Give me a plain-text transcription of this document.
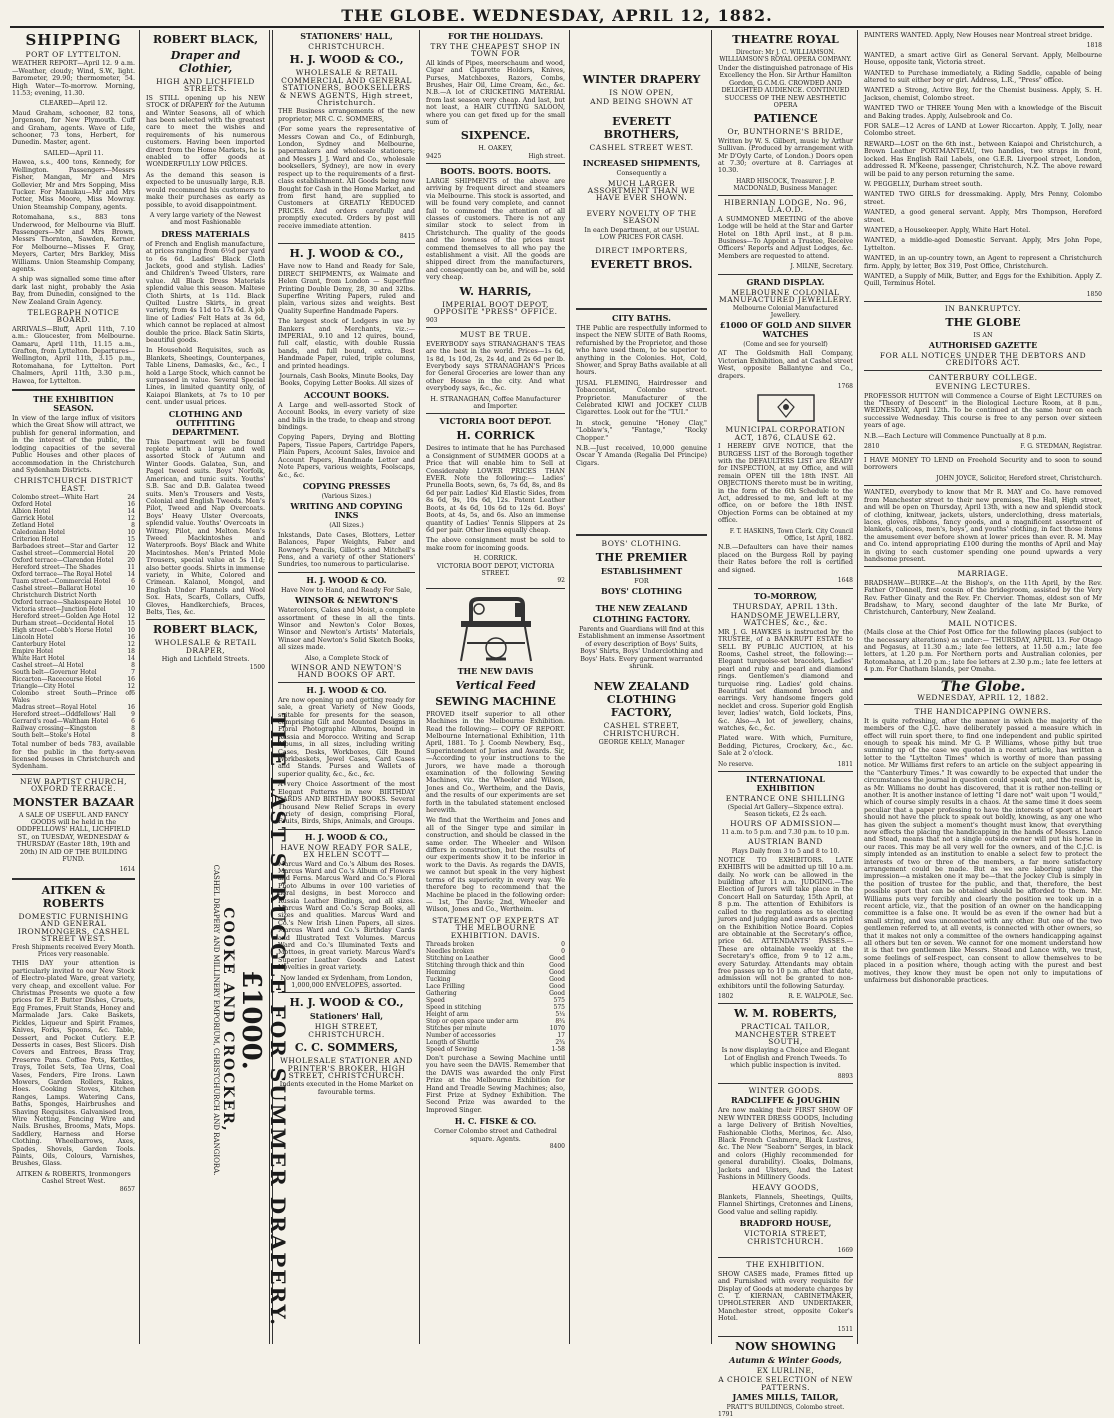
THE GLOBE. WEDNESDAY, APRIL 12, 1882.
SHIPPING
PORT OF LYTTELTON.
WEATHER REPORT—April 12. 9 a.m.—Weather, cloudy; Wind, S.W., light. Barometer, 29.90; thermometer, 54. High Water—To-morrow. Morning, 11.53; evening, 11.30.
CLEARED—April 12.
Maud Graham, schooner, 82 tons, Jorgenson, for New Plymouth. Cuff and Graham, agents. Wave of Life, schooner, 73 tons, Herbert, for Dunedin. Master, agent.
SAILED—April 11.
Hawea, s.s., 400 tons, Kennedy, for Wellington. Passengers—Messrs Fisher, Mangan, Mr and Mrs Gollevier, Mr and Mrs Sopping, Miss Tucker. For Manukau—Mr and Mrs Potter, Miss Moore, Miss Mowray. Union Steamship Company, agents.
Rotomahana, s.s., 883 tons Underwood, for Melbourne via Bluff. Passengers—Mr and Mrs Brown, Messrs Thornton, Sawden, Kerner. For Melbourne—Misses F. Gray, Meyers, Carter, Mrs Barkley, Miss Williams. Union Steamship Company, agents.
A ship was signalled some time after dark last night, probably the Asia Bay, from Dunedin, consigned to the New Zealand Grain Agency.
TELEGRAPH NOTICE BOARD.
ARRIVALS—Bluff, April 11th, 7.10 a.m.: Gloucester, from Melbourne. Oamaru, April 11th, 11.15 a.m., Grafton, from Lyttelton. Departures—Wellington, April 11th, 3.15 p.m., Rotomahana, for Lyttelton. Port Chalmers, April 11th, 3.30 p.m., Hawea, for Lyttelton.
THE EXHIBITION SEASON.
In view of the large influx of visitors which the Great Show will attract, we publish for general information, and in the interest of the public, the lodging capacities of the several Public Houses and other places of accommodation in the Christchurch and Sydenham Districts.
CHRISTCHURCH DISTRICT EAST.
Colombo street—White Hart	24
Oxford Hotel	16
Albion Hotel	14
Garrick Hotel	12
Zetland Hotel	8
Caledonian Hotel	10
Criterion Hotel	15
Barbadoes street—Star and Garter 12
Cashel street—Commercial Hotel 20
Oxford terrace—Clarendon Hotel 20
Hereford street—The Shades	11
Oxford terrace—The Royal Hotel	14
Tuam street—Commercial Hotel	6
Cashel street—Ballarat Hotel	10
Christchurch District North
Oxford terrace—Shakespeare Hotel 10
Victoria street—Junction Hotel	10
Hereford street—Golden Age Hotel 12
Durham street—Occidental Hotel 15
High street—Cobb's Horse Hotel	10
Lincoln Hotel	16
Canterbury Hotel	12
Empire Hotel	18
White Hart Hotel	14
Cashel street—Al Hotel	8
South belt—Governor Hotel	7
Riccarton—Racecourse Hotel	16
Triangle—City Hotel	12
Colombo street South—Prince of Wales
6
Madras street—Royal Hotel	16
Hereford street—Oddfellows' Hall	9
Gerrard's road—Waltham Hotel	6
Railway crossing—Kingston	8
South belt—Stoke's Hotel	8
Total number of beds 783, available for the public in the forty-seven licensed houses in Christchurch and Sydenham.
NEW BAPTIST CHURCH, OXFORD TERRACE.
MONSTER BAZAAR
A SALE OF USEFUL AND FANCY GOODS will be held in the ODDFELLOWS' HALL, LICHFIELD ST., on TUESDAY, WEDNESDAY & THURSDAY (Easter 18th, 19th and 20th) IN AID OF THE BUILDING FUND.
1614
AITKEN & ROBERTS
DOMESTIC FURNISHING AND GENERAL IRONMONGERS, CASHEL STREET WEST.
Fresh Shipments received Every Month. Prices very reasonable.
THIS DAY your attention is particularly invited to our New Stock of Electro-plated Ware, great variety, very cheap, and excellent value. For Christmas Presents we quote a few prices for E.P. Butter Dishes, Cruets, Egg Frames, Fruit Stands, Honey and Marmalade Jars. Cake Baskets, Pickles, Liqueur and Spirit Frames, Knives, Forks, Spoons, &c. Table, Dessert, and Pocket Cutlery. E.P. Desserts in cases, Best Slicers. Dish Covers and Entrees, Brass Tray, Preserve Pans. Coffee Pots, Kettles, Trays, Toilet Sets, Tea Urns, Coal Vases, Fenders, Fire Irons. Lawn Mowers, Garden Rollers, Rakes, Hoes. Cooking Stoves, Kitchen Ranges, Lamps. Watering Cans, Baths, Sponges, Hairbrushes and Shaving Requisites. Galvanised Iron, Wire Netting, Fencing Wire and Nails. Brushes, Brooms, Mats, Mops. Saddlery, Harness and Horse Clothing. Wheelbarrows, Axes, Spades, Shovels, Garden Tools. Paints, Oils, Colours, Varnishes, Brushes, Glass.
AITKEN & ROBERTS, Ironmongers Cashel Street West.
8657
ROBERT BLACK,
Draper and Clothier,
HIGH AND LICHFIELD STREETS.
IS STILL opening up his NEW STOCK of DRAPERY for the Autumn and Winter Seasons, all of which has been selected with the greatest care to meet the wishes and requirements of his numerous customers. Having been imported direct from the Home Markets, he is enabled to offer goods at WONDERFULLY LOW PRICES.
As the demand this season is expected to be unusually large, R.B. would recommend his customers to make their purchases as early as possible, to avoid disappointment.
A very large variety of the Newest and most Fashionable
DRESS MATERIALS
of French and English manufacture, at prices ranging from 6½d per yard to 6s 6d. Ladies' Black Cloth Jackets, good and stylish. Ladies' and Children's Tweed Ulsters, rare value. All Black Dress Materials splendid value this season. Maltese Cloth Shirts, at 1s 11d. Black Quilted Lustre Skirts, in great variety, from 4s 11d to 17s 6d. A job line of Ladies' Felt Hats at 3s 6d, which cannot be replaced at almost double the price. Black Satin Skirts, beautiful goods.
In Household Requisites, such as Blankets, Sheetings, Counterpanes, Table Linens, Damasks, &c., &c., I hold a Large Stock, which cannot be surpassed in value. Several Special Lines, in limited quantity only, of Kaiapoi Blankets, at 7s to 10 per cent. under usual prices.
CLOTHING AND OUTFITTING DEPARTMENT.
This Department will be found replete with a large and well assorted Stock of Autumn and Winter Goods. Galatea, Sun, and Pagel tweed suits. Boys' Norfolk, American, and tunic suits. Youths' S.B. Sac and D.B. Galatea tweed suits. Men's Trousers and Vests, Colonial and English Tweeds. Men's Pilot, Tweed and Nap Overcoats. Boys' Heavy Ulster Overcoats, splendid value. Youths' Overcoats in Witney, Pilot, and Melton. Men's Tweed Mackintoshes and Waterproofs. Boys' Black and White Macintoshes. Men's Printed Mole Trousers, special value at 5s 11d; also better goods. Shirts in immense variety, in White, Colored and Crimean. Kalanol, Mongol, and English Under Flannels and Wool Sox. Hats, Scarfs, Collars, Cuffs, Gloves, Handkerchiefs, Braces, Belts, Ties, &c.
ROBERT BLACK,
WHOLESALE & RETAIL DRAPER,
High and Lichfield Streets.
1500
THE LAST STRUGGLE FOR SUMMER DRAPERY.
£1000.
COOKE AND CROCKER,
CASHEL DRAPERY AND MILLINERY EMPORIUM, CHRISTCHURCH AND RANGIORA.
STATIONERS' HALL,
CHRISTCHURCH.
H. J. WOOD & CO.,
WHOLESALE & RETAIL COMMERCIAL AND GENERAL STATIONERS, BOOKSELLERS & NEWS AGENTS, High street, Christchurch.
THE Business arrangements of the new proprietor, MR C. C. SOMMERS,
(For some years the representative of Messrs Cowan and Co., of Edinburgh, London, Sydney and Melbourne, papermakers and wholesale stationers; and Messrs J. J. Ward and Co., wholesale booksellers, Sydney), are now in every respect up to the requirements of a first-class establishment. All Goods being now Bought for Cash in the Home Market, and from first hand, are supplied to Customers at GREATLY REDUCED PRICES. And orders carefully and promptly executed. Orders by post will receive immediate attention.
8415
H. J. WOOD & CO.,
Have now to Hand and Ready for Sale, DIRECT SHIPMENTS, ex Waimate and Helen Grant, from London — Superfine Printing Double Demy, 28, 30 and 32lbs. Superfine Writing Papers, ruled and plain, various sizes and weights. Best Quality Superfine Handmade Papers.
The largest stock of Ledgers in use by Bankers and Merchants, viz.:— IMPERIAL, 9.10 and 12 quires, bound, full calf, elastic, with double Russia bands, and full bound, extra. Best Handmade Paper, ruled, triple columns, and printed headings.
Journals, Cash Books, Minute Books, Day Books, Copying Letter Books. All sizes of
ACCOUNT BOOKS.
A Large and well-assorted Stock of Account Books, in every variety of size and bills in the trade, to cheap and strong bindings.
Copying Papers, Drying and Blotting Papers, Tissue Papers, Cartridge Papers, Plain Papers, Account Sales, Invoice and Account Papers, Handmade Letter and Note Papers, various weights, Foolscaps, &c., &c.
COPYING PRESSES
(Various Sizes.)
WRITING AND COPYING INKS
(All Sizes.)
Inkstands, Date Cases, Blotters, Letter Balances, Paper Weights, Faber and Rowney's Pencils, Gillott's and Mitchell's Pens, and a variety of other Stationers' Sundries, too numerous to particularise.
H. J. WOOD & CO.
Have Now to Hand, and Ready For Sale,
WINSOR & NEWTON'S
Watercolors, Cakes and Moist, a complete assortment of these in all the tints. Winsor and Newton's Color Boxes, Winsor and Newton's Artists' Materials, Winsor and Newton's Solid Sketch Books, all sizes made.
Also, a Complete Stock of
WINSOR AND NEWTON'S HAND BOOKS OF ART.
H. J. WOOD & CO.
Are now opening up and getting ready for sale, a great Variety of New Goods, suitable for presents for the season, comprising Gilt and Mounted Designs in Floral Photographic Albums, bound in Russia and Morocco. Writing and Scrap Albums, in all sizes, including writing Cases, Desks, Workboxes, Gilt Bound Workbaskets, Jewel Cases, Card Cases and Stands. Purses and Wallets of superior quality, &c., &c., &c.
A very Choice Assortment of the most Elegant Patterns in new BIRTHDAY CARDS AND BIRTHDAY BOOKS. Several Thousand New Relief Scraps in every variety of design, comprising Floral, Fruits, Birds, Ships, Animals, and Groups.
H. J. WOOD & CO.,
HAVE NOW READY FOR SALE, EX HELEN SCOTT—
Marcus Ward and Co.'s Album des Roses. Marcus Ward and Co.'s Album of Flowers and Ferns. Marcus Ward and Co.'s Floral Photo Albums in over 100 varieties of floral designs, in best Morocco and Russia Leather Bindings, and all sizes. Marcus Ward and Co.'s Scrap Books, all sizes and qualities. Marcus Ward and Co.'s New Irish Linen Papers, all sizes. Marcus Ward and Co.'s Birthday Cards and Illustrated Text Volumes. Marcus Ward and Co.'s Illuminated Texts and Mottoes, in great variety. Marcus Ward's Superior Leather Goods and Latest Novelties in great variety.
Now landed ex Sydenham, from London, 1,000,000 ENVELOPES, assorted.
H. J. WOOD & CO.,
Stationers' Hall,
HIGH STREET, CHRISTCHURCH.
C. C. SOMMERS,
WHOLESALE STATIONER AND PRINTER'S BROKER, HIGH STREET, CHRISTCHURCH.
Indents executed in the Home Market on favourable terms.
FOR THE HOLIDAYS.
TRY THE CHEAPEST SHOP IN TOWN FOR
All kinds of Pipes, meerschaum and wood, Cigar and Cigarette Holders, Knives, Purses, Matchboxes, Razors, Combs, Brushes, Hair Oil, Lime Cream, &c., &c. N.B.—A lot of CRICKETING MATERIAL from last season very cheap. And last, but not least, a HAIR CUTTING SALOON, where you can get fixed up for the small sum of
SIXPENCE.
H. OAKEY,
9425	High street.
BOOTS. BOOTS. BOOTS.
LARGE SHIPMENTS of the above are arriving by frequent direct and steamers via Melbourne. This stock is assorted, and will be found very complete, and cannot fail to commend the attention of all classes of customers. There is not any similar stock to select from in Christchurch. The quality of the goods and the lowness of the prices must commend themselves to all who pay the establishment a visit. All the goods are shipped direct from the manufacturers, and consequently can be, and will be, sold very cheap.
W. HARRIS,
IMPERIAL BOOT DEPOT, OPPOSITE "PRESS" OFFICE.
903
MUST BE TRUE.
EVERYBODY says STRANAGHAN'S TEAS are the best in the world. Prices—1s 6d, 1s 8d, 1s 10d, 2s, 2s 4d, and 2s 6d per lb. Everybody says STRANAGHAN'S Prices for General Groceries are lower than any other House in the city. And what everybody says, &c., &c.
H. STRANAGHAN, Coffee Manufacturer and Importer.
VICTORIA BOOT DEPOT.
H. CORRICK
Desires to intimate that he has Purchased a Consignment of SUMMER GOODS at a Price that will enable him to Sell at Considerably LOWER PRICES THAN EVER. Note the following:— Ladies' Prunella Boots, sewn, 6s, 7s 6d, 8s, and 8s 6d per pair. Ladies' Kid Elastic Sides, from 8s 6d, 9s, 10s 6d, 12s. Patent Leather Boots, at 4s 6d, 10s 6d to 12s 6d. Boys' Boots, at 4s, 5s, and 6s. Also an immense quantity of Ladies' Tennis Slippers at 2s 6d per pair. Other lines equally cheap.
The above consignment must be sold to make room for incoming goods.
H. CORRICK.
VICTORIA BOOT DEPOT, VICTORIA STREET.
92
THE NEW DAVIS
Vertical Feed
SEWING MACHINE
PROVED itself superior to all other Machines in the Melbourne Exhibition. Read the following:— COPY OF REPORT. Melbourne International Exhibition, 11th April, 1881. To J. Coomb Newbery, Esq., Superintendent of Juries and Awards. Sir,—According to your instructions to the Jurors, we have made a thorough examination of the following Sewing Machines, viz. the Wheeler and Wilson, Jones and Co., Wertheim, and the Davis, and the results of our experiments are set forth in the tabulated statement enclosed herewith.
We find that the Wertheim and Jones and all of the Singer type and similar in construction, and should be classed in the same order. The Wheeler and Wilson differs in construction, but the results of our experiments show it to be inferior in work to the Davis. As regards the DAVIS, we cannot but speak in the very highest terms of its superiority in every way. We therefore beg to recommend that the Machine be placed in the following order:— 1st, The Davis; 2nd, Wheeler and Wilson, Jones and Co., Wertheim.
STATEMENT OF EXPERTS AT THE MELBOURNE EXHIBITION. DAVIS.
Threads broken	0
Needles broken	0
Stitching on Leather	Good
Stitching through thick and thin	Good
Hemming	Good
Tucking	Good
Lace Frilling	Good
Gathering	Good
Speed	575
Speed in stitching	575
Height of arm	5¼
Stop or open space under arm	8¾
Stitches per minute	1070
Number of accessories	17
Length of Shuttle	2¾
Speed of Sewing	1-58
Don't purchase a Sewing Machine until you have seen the DAVIS. Remember that the DAVIS was awarded the only First Prize at the Melbourne Exhibition for Hand and Treadle Sewing Machines; also, First Prize at Sydney Exhibition. The Second Prize was awarded to the Improved Singer.
H. C. FISKE & CO.
Corner Colombo street and Cathedral square. Agents.
8400
WINTER DRAPERY
IS NOW OPEN,
AND BEING SHOWN AT
EVERETT BROTHERS,
CASHEL STREET WEST.
INCREASED SHIPMENTS,
Consequently a
MUCH LARGER ASSORTMENT THAN WE HAVE EVER SHOWN.
EVERY NOVELTY OF THE SEASON
In each Department, at our USUAL LOW PRICES FOR CASH.
DIRECT IMPORTERS,
EVERETT BROS.
CITY BATHS.
THE Public are respectfully informed to inspect the NEW SUITE of Bath Rooms, refurnished by the Proprietor, and those who have used them, to be superior to anything in the Colonies. Hot, Cold, Shower, and Spray Baths available at all hours.
JUSAL FLEMING, Hairdresser and Tobacconist, Colombo street. Proprietor. Manufacturer of the Celebrated KIWI and JOCKEY CLUB Cigarettes. Look out for the "TUI."
In stock, genuine "Honey Clay," "Loblaw's," "Fantage," "Rocky Chopper."
N.B.—Just received, 10,000 genuine Oscar Y Amanda (Regalia Del Principe) Cigars.
BOYS' CLOTHING.
THE PREMIER
ESTABLISHMENT
FOR
BOYS' CLOTHING
THE NEW ZEALAND
CLOTHING FACTORY.
Parents and Guardians will find at this Establishment an immense Assortment of every description of Boys' Suits, Boys' Shirts, Boys' Underclothing and Boys' Hats. Every garment warranted shrunk.
NEW ZEALAND CLOTHING FACTORY,
CASHEL STREET, CHRISTCHURCH.
GEORGE KELLY, Manager
THEATRE ROYAL
Director: Mr J. C. WILLIAMSON. WILLIAMSON'S ROYAL OPERA COMPANY.
Under the distinguished patronage of His Excellency the Hon. Sir Arthur Hamilton Gordon, G.C.M.G. CROWDED AND DELIGHTED AUDIENCE. CONTINUED SUCCESS OF THE NEW AESTHETIC OPERA
PATIENCE
Or, BUNTHORNE'S BRIDE,
Written by W. S. Gilbert, music by Arthur Sullivan. (Produced by arrangement with Mr D'Oyly Carte, of London.) Doors open at 7.30; overture at 8. Carriages at 10.30.
HARD HISCOCK, Treasurer. J. P. MACDONALD, Business Manager.
HIBERNIAN LODGE, No. 96, U.A.O.D.
A SUMMONED MEETING of the above Lodge will be held at the Star and Garter Hotel on 18th April inst., at 8 p.m. Business—To Appoint a Trustee, Receive Officers' Reports and Adjust Lodges, &c. Members are requested to attend.
J. MILNE, Secretary.
GRAND DISPLAY.
MELBOURNE COLONIAL MANUFACTURED JEWELLERY.
Melbourne Colonial Manufactured Jewellery.
£1000 OF GOLD AND SILVER WATCHES
(Come and see for yourself)
AT The Goldsmith Hall Company, Victorian Exhibition, and at Cashel street West, opposite Ballantyne and Co., drapers.
1768
MUNICIPAL CORPORATION ACT, 1876, CLAUSE 62.
I HEREBY GIVE NOTICE, that the BURGESS LIST of the Borough together with the DEFAULTERS LIST are READY for INSPECTION, at my Office, and will remain OPEN till the 18th INST. All OBJECTIONS thereto must be in writing, in the form of the 6th Schedule to the Act, addressed to me, and left at my office, on or before the 18th INST. Objection Forms can be obtained at my office.
F. T. HASKINS, Town Clerk. City Council Office, 1st April, 1882.
N.B.—Defaulters can have their names placed on the Burgess Roll by paying their Rates before the roll is certified and signed.
1648
TO-MORROW,
THURSDAY, APRIL 13th.
HANDSOME JEWELLERY, WATCHES, &c., &c.
MR J. G. HAWKES is instructed by the TRUSTEE, of a BANKRUPT ESTATE to SELL BY PUBLIC AUCTION, at his Rooms, Cashel street, the following:— Elegant turquoise-set bracelets, Ladies' pearl and ruby and pearl and diamond rings. Gentlemen's diamond and turquoise ring. Ladies' gold chains. Beautiful set diamond brooch and earrings. Very handsome fingers gold necklet and cross. Superior gold English lever, ladies' watch, Gold lockets, Pins, &c. Also—A lot of jewellery, chains, watches, &c., &c.
Plated ware. With which, Furniture, Bedding, Pictures, Crockery, &c., &c. Sale at 2 o'clock.
No reserve.	1811
INTERNATIONAL EXHIBITION
ENTRANCE ONE SHILLING
(Special Art Gallery—Sixpence extra). Season tickets, £2 2s each.
HOURS OF ADMISSION—
11 a.m. to 5 p.m. and 7.30 p.m. to 10 p.m.
AUSTRIAN BAND
Plays Daily from 3 to 5 and 8 to 10.
NOTICE TO EXHIBITORS. LATE EXHIBITS will be admitted up till 10 a.m. daily. No work can be allowed in the building after 11 a.m. JUDGING.—The Election of Jurors will take place in the Concert Hall on Saturday, 15th April, at 8 p.m. The attention of Exhibitors is called to the regulations as to electing jurors and judging and awards as printed on the Exhibition Notice Board. Copies are obtainable at the Secretary's office, price 6d. ATTENDANTS' PASSES.—These are obtainable weekly at the Secretary's office, from 9 to 12 a.m., every Saturday. Attendants may obtain free passes up to 10 p.m. after that date, admission will not be granted to non-exhibitors until the following Saturday.
1802	R. E. WALPOLE, Sec.
W. M. ROBERTS,
PRACTICAL TAILOR, MANCHESTER STREET SOUTH,
Is now displaying a Choice and Elegant Lot of English and French Tweeds. To which public inspection is invited.
8893
WINTER GOODS.
RADCLIFFE & JOUGHIN
Are now making their FIRST SHOW OF NEW WINTER DRESS GOODS, Including a large Delivery of British Novelties, Fashionable Cloths, Merinos, &c. Also, Black French Cashmere, Black Lustres, &c. The New "Seaborn" Serges, in black and colors (Highly recommended for general durability). Cloaks, Dolmans, Jackets and Ulsters, And the Latest Fashions in Millinery Goods.
HEAVY GOODS,
Blankets, Flannels, Sheetings, Quilts, Flannel Shirtings, Cretonnes and Linens, Good value and selling rapidly.
BRADFORD HOUSE,
VICTORIA STREET, CHRISTCHURCH.
1669
THE EXHIBITION.
SHOW CASES made, Frames fitted up and Furnished with every requisite for Display of Goods at moderate charges by C. T. KIERNAN, CABINETMAKER, UPHOLSTERER AND UNDERTAKER, Manchester street, opposite Coker's Hotel.
1511
NOW SHOWING
Autumn & Winter Goods,
EX LURLINE,
A CHOICE SELECTION of NEW PATTERNS.
JAMES MILLS, TAILOR,
PRATT'S BUILDINGS, Colombo street.
1791
PAINTERS WANTED. Apply, New Houses near Montreal street bridge.
1818
WANTED, a smart active Girl as General Servant. Apply, Melbourne House, opposite tank, Victoria street.
WANTED to Purchase immediately, a Riding Saddle, capable of being altered to suit either boy or girl. Address, L.R., "Press" office.
WANTED a Strong, Active Boy, for the Chemist business. Apply, S. H. Jackson, chemist, Colombo street.
WANTED TWO or THREE Young Men with a knowledge of the Biscuit and Baking trades. Apply, Aulsebrook and Co.
FOR SALE—12 Acres of LAND at Lower Riccarton. Apply, T. Jolly, near Colombo street.
REWARD—LOST on the 6th inst., between Kaiapoi and Christchurch, a Brown Leather PORTMANTEAU, two handles, two straps in front, locked. Has English Rail Labels, one G.E.R. Liverpool street, London, addressed R. M'Keene, passenger, Christchurch, N.Z. The above reward will be paid to any person returning the same.
W. PEGGELLY, Durham street south.
WANTED TWO GIRLS for dressmaking. Apply, Mrs Penny, Colombo street.
WANTED, a good general servant. Apply, Mrs Thompson, Hereford street.
WANTED, a Housekeeper. Apply, White Hart Hotel.
WANTED, a middle-aged Domestic Servant. Apply, Mrs John Pope, Lyttelton.
WANTED, in an up-country town, an Agent to represent a Christchurch firm. Apply, by letter, Box 319, Post Office, Christchurch.
WANTED, a Supply of Milk, Butter, and Eggs for the Exhibition. Apply Z. Quill, Terminus Hotel.
1850
IN BANKRUPTCY.
THE GLOBE
IS AN
AUTHORISED GAZETTE
FOR ALL NOTICES UNDER THE DEBTORS AND CREDITORS ACT.
CANTERBURY COLLEGE.
EVENING LECTURES.
PROFESSOR HUTTON will Commence a Course of Eight LECTURES on the "Theory of Descent" in the Biological Lecture Room, at 8 p.m., WEDNESDAY, April 12th. To be continued at the same hour on each successive Wednesday. This course is free to any person over sixteen years of age.
N.B.—Each Lecture will Commence Punctually at 8 p.m.
2810	F. G. STEDMAN, Registrar.
I HAVE MONEY TO LEND on Freehold Security and to soon to sound borrowers
JOHN JOYCE, Solicitor, Hereford street, Christchurch.
WANTED, everybody to know that Mr R. MAY and Co. have removed from Manchester street to their new premises, The Hall, High street, and will be open on Thursday, April 13th, with a new and splendid stock of clothing, knitwear, jackets, ulsters, underclothing, dress materials, laces, gloves, ribbons, fancy goods, and a magnificent assortment of blankets, calicoes, men's, boys', and youths' clothing, in fact those items the amusement ever before shown at lower prices than ever. R. M. May and Co. intend appropriating £100 during the months of April and May in giving to each customer spending one pound upwards a very handsome present.
MARRIAGE.
BRADSHAW—BURKE—At the Bishop's, on the 11th April, by the Rev. Father O'Donnell, first cousin of the bridegroom, assisted by the Very Rev. Father Ginaty and the Rev. Fr. Chervier. Thomas, eldest son of Mr Bradshaw, to Mary, second daughter of the late Mr Burke, of Christchurch, Canterbury, New Zealand.
MAIL NOTICES.
(Mails close at the Chief Post Office for the following places (subject to the necessary alterations) as under:— THURSDAY, APRIL 13. For Otago and Pegasus, at 11.30 a.m.; late fee letters, at 11.50 a.m.; late fee letters, at 1.20 p.m. For Northern ports and Australian colonies, per Rotomahana, at 1.20 p.m.; late fee letters at 2.30 p.m.; late fee letters at 4 p.m. For Chatham Islands, per Omaha.
The Globe.
WEDNESDAY, APRIL 12, 1882.
THE HANDICAPPING OWNERS.
It is quite refreshing, after the manner in which the majority of the members of the C.J.C. have deliberately passed a measure which in effect will ruin sport there, to find one independent and public spirited enough to speak his mind. Mr G. P. Williams, whose pithy but true summing up of the case we quoted in a recent article, has written a letter to the "Lyttelton Times" which is worthy of more than passing notice. Mr Williams first refers to an article on the subject appearing in the "Canterbury Times." It was cowardly to be expected that under the circumstances the journal in question could speak out, and the result is, as Mr. Williams no doubt has discovered, that it is rather non-telling or another. It is another instance of letting "I dare not" wait upon "I would," which of course simply results in a chaos. At the same time it does seem peculiar that a paper professing to have the interests of sport at heart should not have the pluck to speak out boldly, knowing, as any one who has given the subject a moment's thought must know, that everything now effects the placing the handicapping in the hands of Messrs. Lance and Stead, means that not a single outside owner will put his horse in our races. This may be all very well for the owners, and of the C.J.C. is simply intended as an institution to enable a select few to protect the interests of two or three of the members, a far more satisfactory arrangement could be made. But as we are laboring under the impression—a mistaken one it may be—that the Jockey Club is simply in the position of trustee for the public, and that, therefore, the best possible sport that can be obtained should be afforded to them. Mr. Williams puts very forcibly and clearly the position we took up in a recent article, viz., that the position of an owner on the handicapping committee is a false one. It would be as even if the owner had but a small string, and was unconnected with any other. But one of the two gentlemen referred to, at all events, is connected with other owners, so that it makes not only a committee of the owners handicapping against all others but ten or seven. We cannot for one moment understand how it is that two gentlemen like Messrs. Stead and Lance with, we trust, some feelings of self-respect, can consent to allow themselves to be placed in a position where, though acting with the purest and best motives, they know they must be open not only to imputations of unfairness but dishonorable practices.
